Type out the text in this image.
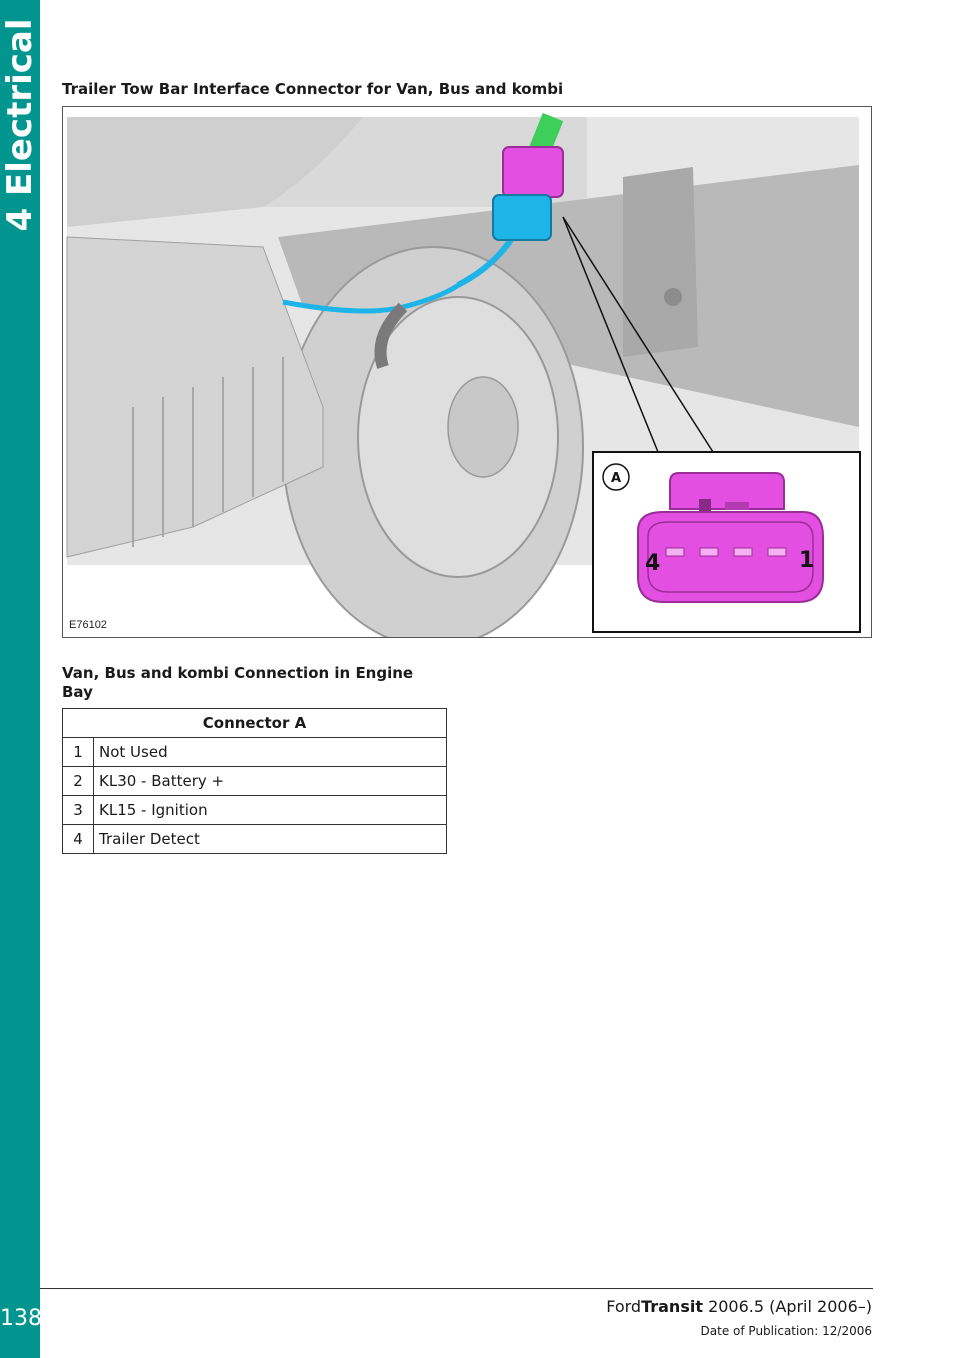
4 Electrical
138
Trailer Tow Bar Interface Connector for Van, Bus and kombi
A
4	1
E76102
Van, Bus and kombi Connection in Engine Bay
Connector A	
1	Not Used
2	KL30 - Battery +
3	KL15 - Ignition
4	Trailer Detect
FordTransit 2006.5 (April 2006–)
Date of Publication: 12/2006
